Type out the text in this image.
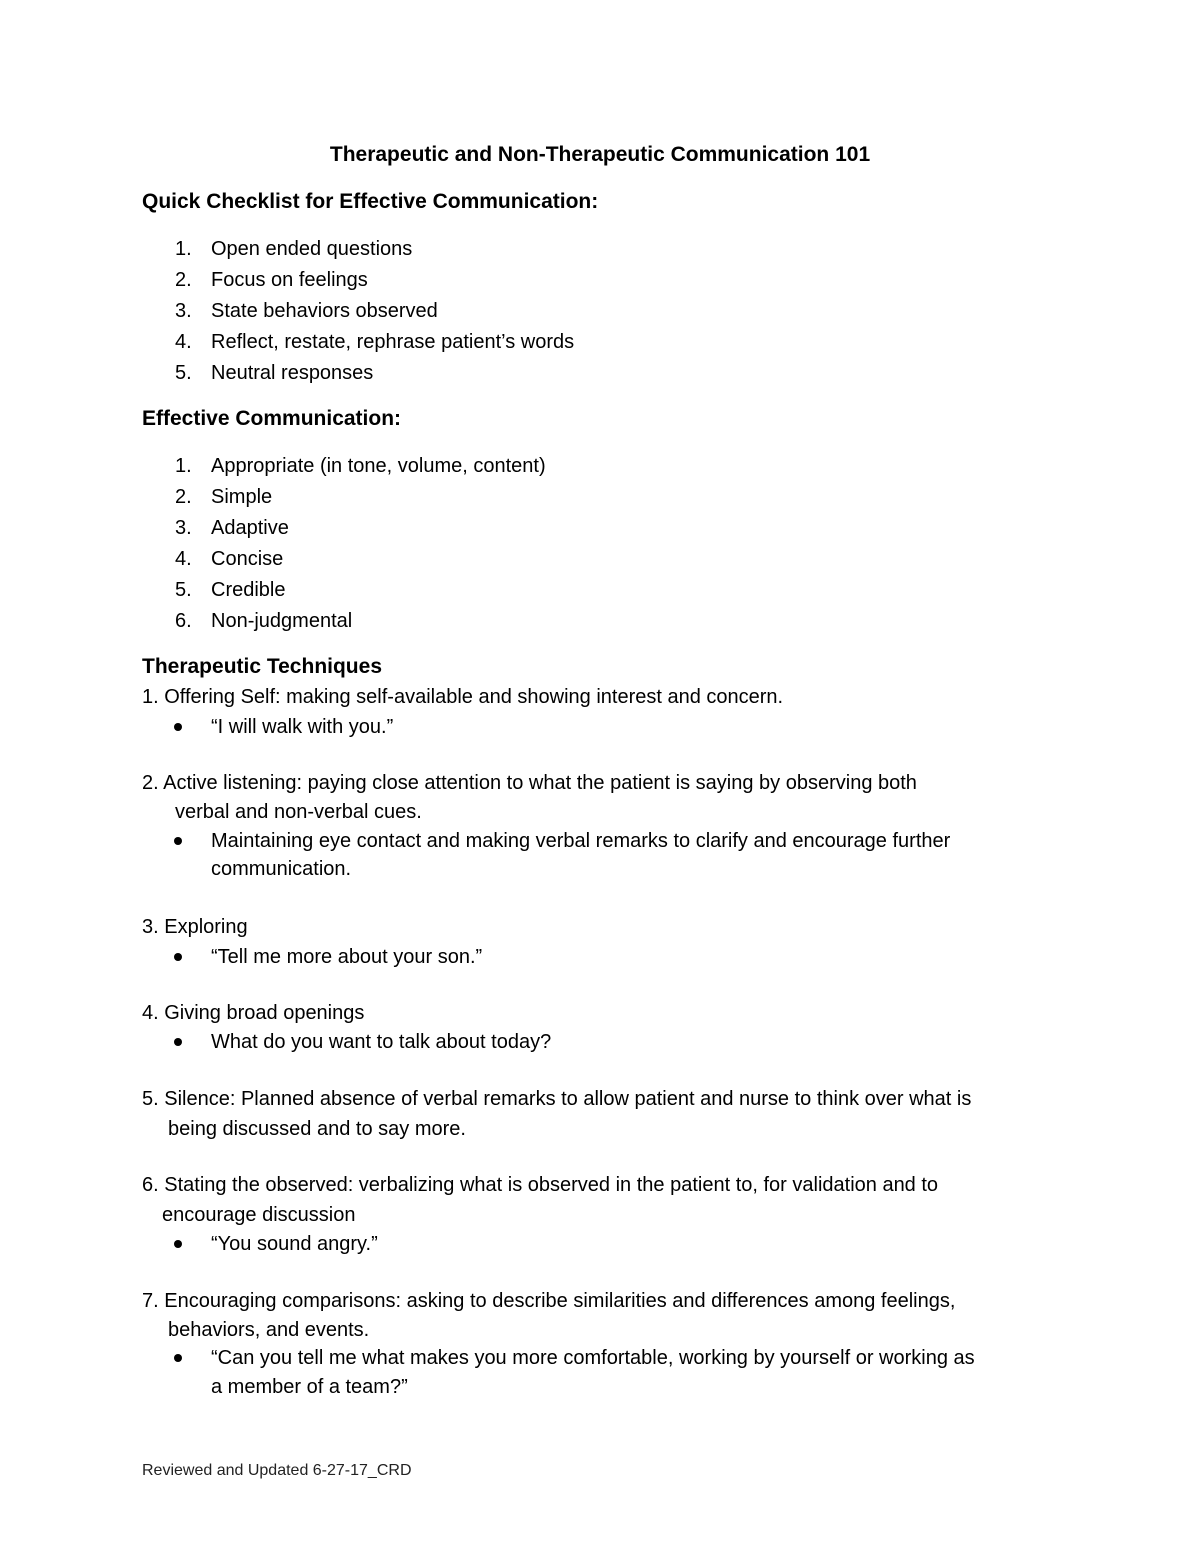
Therapeutic and Non-Therapeutic Communication 101
Quick Checklist for Effective Communication:
1. Open ended questions
2. Focus on feelings
3. State behaviors observed
4. Reflect, restate, rephrase patient’s words
5. Neutral responses
Effective Communication:
1. Appropriate (in tone, volume, content)
2. Simple
3. Adaptive
4. Concise
5. Credible
6. Non-judgmental
Therapeutic Techniques
1. Offering Self: making self-available and showing interest and concern.
“I will walk with you.”
2. Active listening: paying close attention to what the patient is saying by observing both
verbal and non-verbal cues.
Maintaining eye contact and making verbal remarks to clarify and encourage further
communication.
3. Exploring
“Tell me more about your son.”
4. Giving broad openings
What do you want to talk about today?
5. Silence: Planned absence of verbal remarks to allow patient and nurse to think over what is
being discussed and to say more.
6. Stating the observed: verbalizing what is observed in the patient to, for validation and to
encourage discussion
“You sound angry.”
7. Encouraging comparisons: asking to describe similarities and differences among feelings,
behaviors, and events.
“Can you tell me what makes you more comfortable, working by yourself or working as
a member of a team?”
Reviewed and Updated 6-27-17_CRD
